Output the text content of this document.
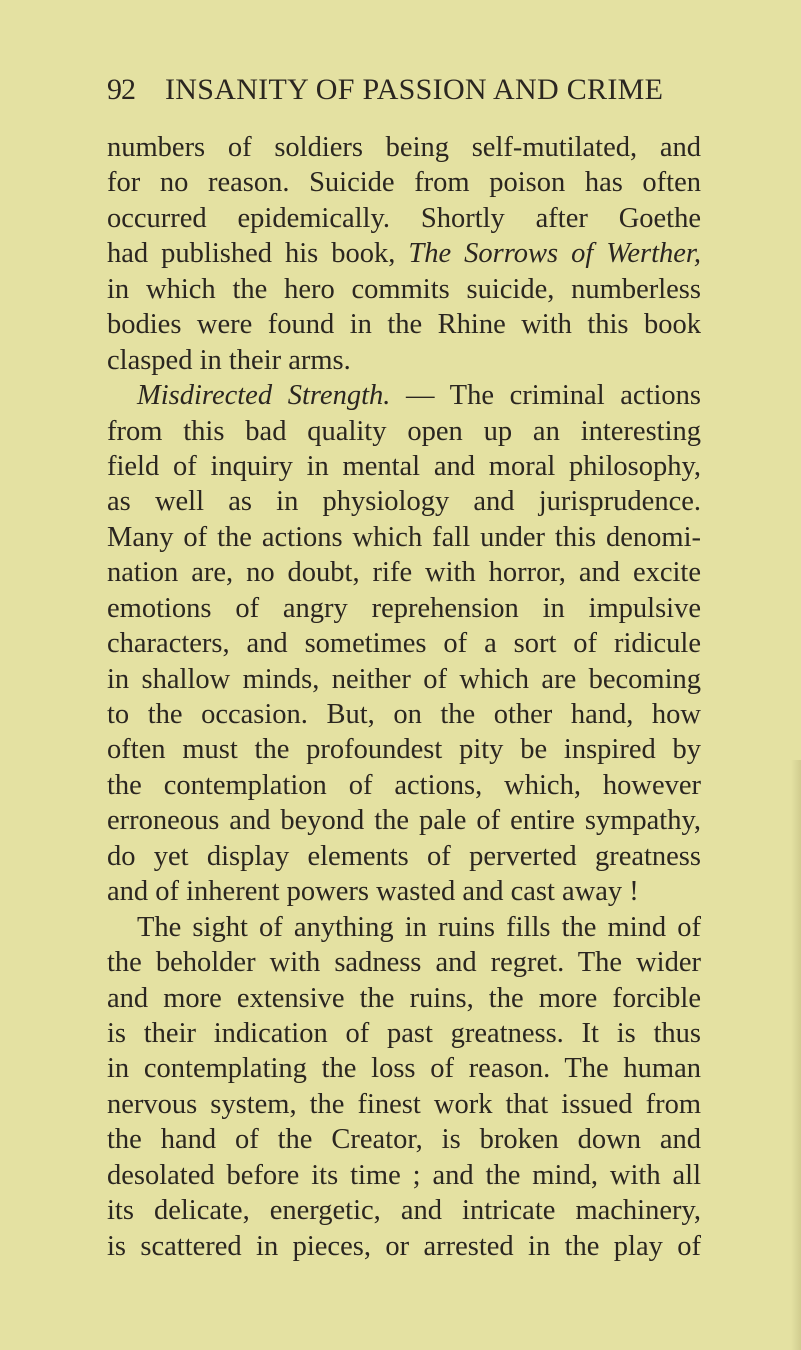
92 INSANITY OF PASSION AND CRIME
numbers of soldiers being self-mutilated, and
for no reason. Suicide from poison has often
occurred epidemically. Shortly after Goethe
had published his book, The Sorrows of Werther,
in which the hero commits suicide, numberless
bodies were found in the Rhine with this book
clasped in their arms.
Misdirected Strength. — The criminal actions
from this bad quality open up an interesting
field of inquiry in mental and moral philosophy,
as well as in physiology and jurisprudence.
Many of the actions which fall under this denomi-
nation are, no doubt, rife with horror, and excite
emotions of angry reprehension in impulsive
characters, and sometimes of a sort of ridicule
in shallow minds, neither of which are becoming
to the occasion. But, on the other hand, how
often must the profoundest pity be inspired by
the contemplation of actions, which, however
erroneous and beyond the pale of entire sympathy,
do yet display elements of perverted greatness
and of inherent powers wasted and cast away !
The sight of anything in ruins fills the mind of
the beholder with sadness and regret. The wider
and more extensive the ruins, the more forcible
is their indication of past greatness. It is thus
in contemplating the loss of reason. The human
nervous system, the finest work that issued from
the hand of the Creator, is broken down and
desolated before its time ; and the mind, with all
its delicate, energetic, and intricate machinery,
is scattered in pieces, or arrested in the play of
